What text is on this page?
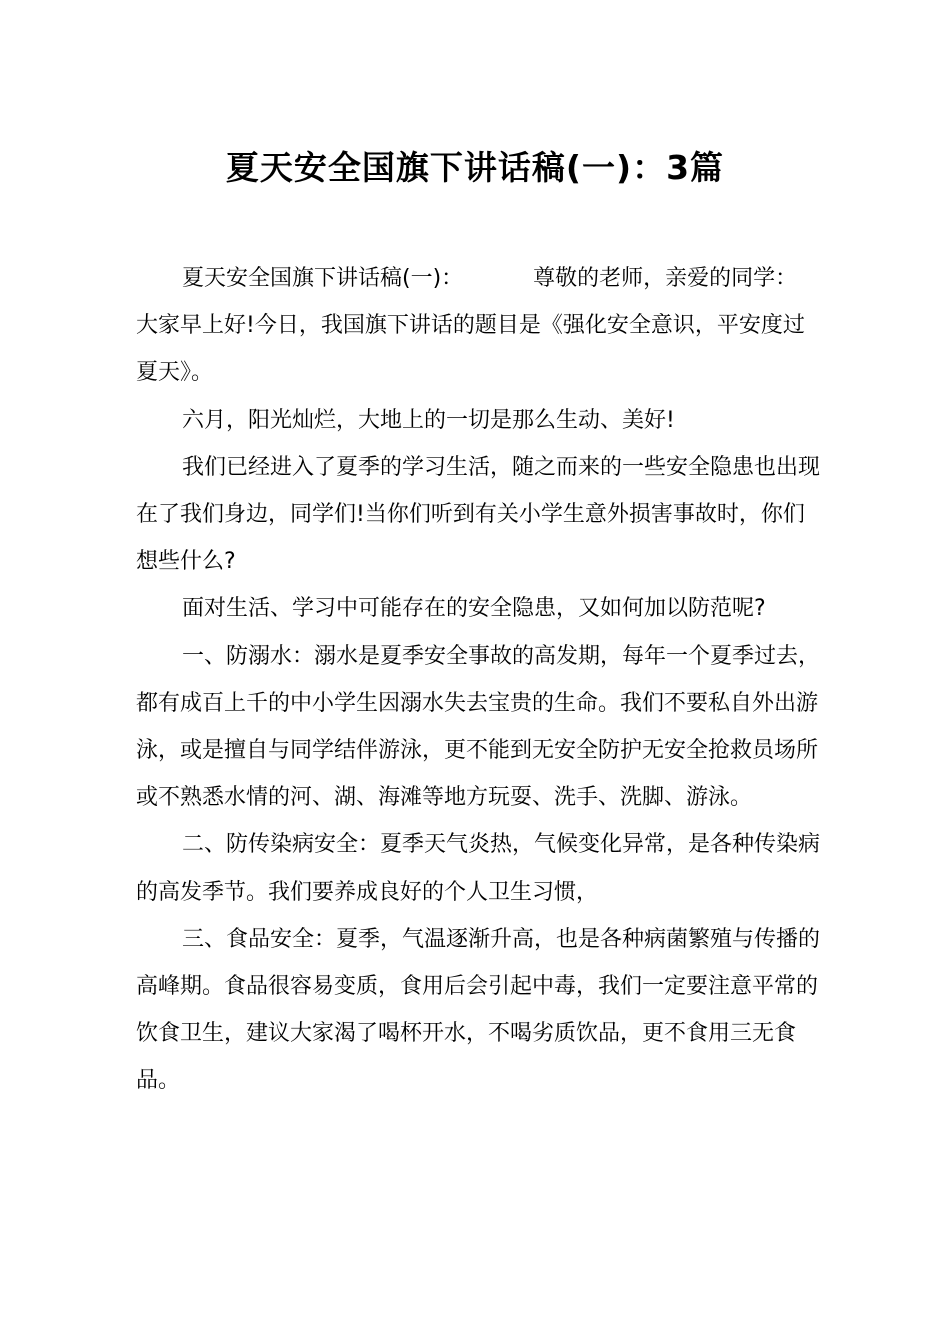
夏天安全国旗下讲话稿(一)：3篇

夏天安全国旗下讲话稿(一)：	尊敬的老师，亲爱的同学： 大家早上好!今日，我国旗下讲话的题目是《强化安全意识，平安度过夏天》。

六月，阳光灿烂，大地上的一切是那么生动、美好!

我们已经进入了夏季的学习生活，随之而来的一些安全隐患也出现在了我们身边，同学们!当你们听到有关小学生意外损害事故时，你们想些什么?

面对生活、学习中可能存在的安全隐患，又如何加以防范呢?

一、防溺水：溺水是夏季安全事故的高发期，每年一个夏季过去，都有成百上千的中小学生因溺水失去宝贵的生命。我们不要私自外出游泳，或是擅自与同学结伴游泳，更不能到无安全防护无安全抢救员场所或不熟悉水情的河、湖、海滩等地方玩耍、洗手、洗脚、游泳。

二、防传染病安全：夏季天气炎热，气候变化异常，是各种传染病的高发季节。我们要养成良好的个人卫生习惯，

三、食品安全：夏季，气温逐渐升高，也是各种病菌繁殖与传播的高峰期。食品很容易变质，食用后会引起中毒，我们一定要注意平常的饮食卫生，建议大家渴了喝杯开水，不喝劣质饮品，更不食用三无食品。
